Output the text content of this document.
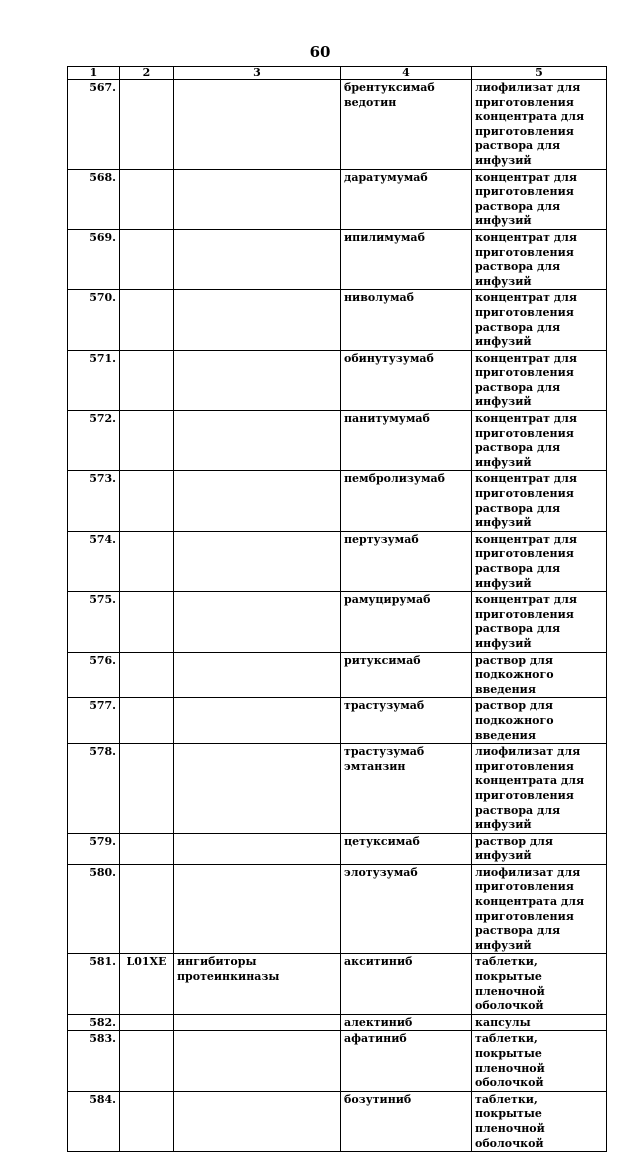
60
1	2	3	4	5
567.			брентуксимаб ведотин	лиофилизат для приготовления концентрата для приготовления раствора для инфузий
568.			даратумумаб	концентрат для приготовления раствора для инфузий
569.			ипилимумаб	концентрат для приготовления раствора для инфузий
570.			ниволумаб	концентрат для приготовления раствора для инфузий
571.			обинутузумаб	концентрат для приготовления раствора для инфузий
572.			панитумумаб	концентрат для приготовления раствора для инфузий
573.			пембролизумаб	концентрат для приготовления раствора для инфузий
574.			пертузумаб	концентрат для приготовления раствора для инфузий
575.			рамуцирумаб	концентрат для приготовления раствора для инфузий
576.			ритуксимаб	раствор для подкожного введения
577.			трастузумаб	раствор для подкожного введения
578.			трастузумаб эмтанзин	лиофилизат для приготовления концентрата для приготовления раствора для инфузий
579.			цетуксимаб	раствор для инфузий
580.			элотузумаб	лиофилизат для приготовления концентрата для приготовления раствора для инфузий
581.	L01XE	ингибиторы протеинкиназы	акситиниб	таблетки, покрытые пленочной оболочкой
582.			алектиниб	капсулы
583.			афатиниб	таблетки, покрытые пленочной оболочкой
584.			бозутиниб	таблетки, покрытые пленочной оболочкой
